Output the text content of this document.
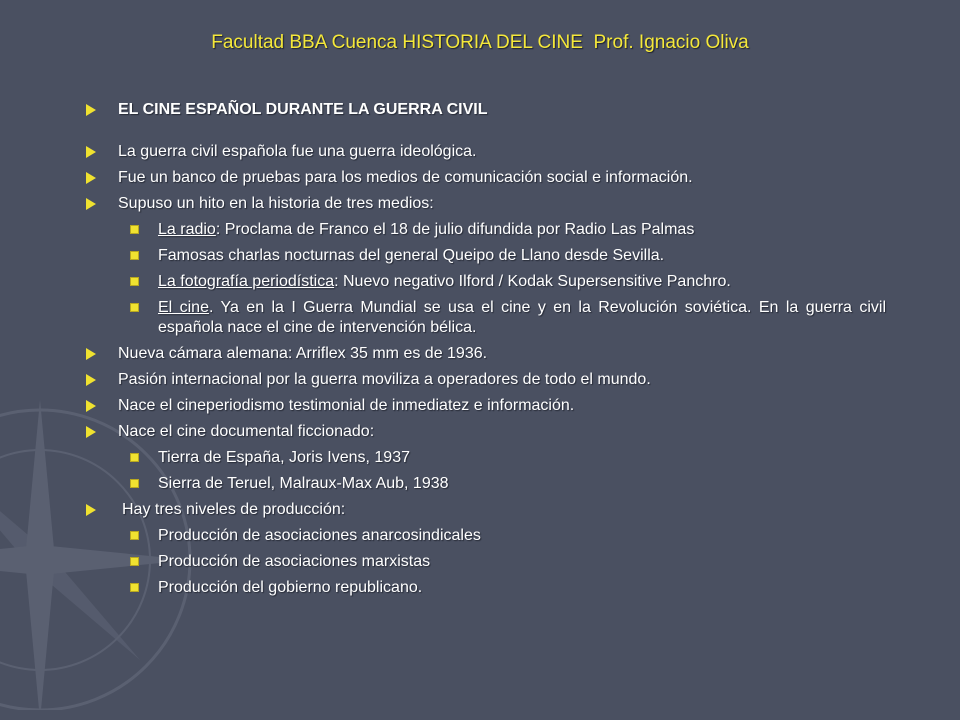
Facultad BBA Cuenca HISTORIA DEL CINE  Prof. Ignacio Oliva
EL CINE ESPAÑOL DURANTE LA GUERRA CIVIL
La guerra civil española fue una guerra ideológica.
Fue un banco de pruebas para los medios de comunicación social e información.
Supuso un hito en la historia de tres medios:
La radio: Proclama de Franco el 18 de julio difundida por Radio Las Palmas
Famosas charlas nocturnas del general Queipo de Llano desde Sevilla.
La fotografía periodística: Nuevo negativo Ilford / Kodak Supersensitive Panchro.
El cine. Ya en la I Guerra Mundial se usa el cine y en la Revolución soviética. En la guerra civil española nace el cine de intervención bélica.
Nueva cámara alemana: Arriflex 35 mm es de 1936.
Pasión internacional por la guerra moviliza a operadores de todo el mundo.
Nace el cineperiodismo testimonial de inmediatez e información.
Nace el cine documental ficcionado:
Tierra de España, Joris Ivens, 1937
Sierra de Teruel, Malraux-Max Aub, 1938
Hay tres niveles de producción:
Producción de asociaciones anarcosindicales
Producción de asociaciones marxistas
Producción del gobierno republicano.
